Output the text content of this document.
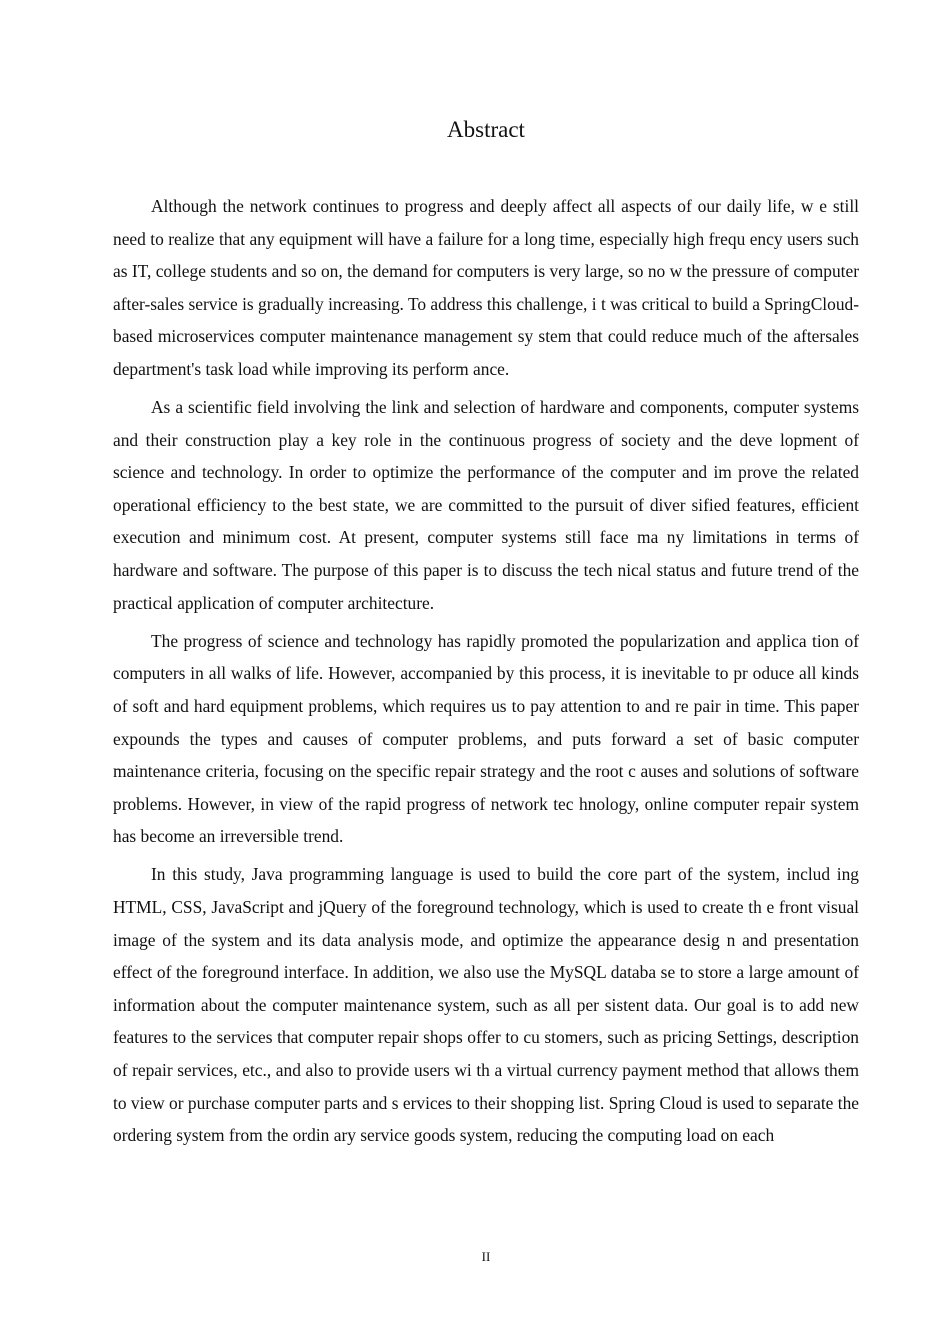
Abstract

Although the network continues to progress and deeply affect all aspects of our daily life, w e still need to realize that any equipment will have a failure for a long time, especially high frequ ency users such as IT, college students and so on, the demand for computers is very large, so no w the pressure of computer after-sales service is gradually increasing. To address this challenge, i t was critical to build a SpringCloud-based microservices computer maintenance management sy stem that could reduce much of the aftersales department's task load while improving its perform ance.

As a scientific field involving the link and selection of hardware and components, computer systems and their construction play a key role in the continuous progress of society and the deve lopment of science and technology. In order to optimize the performance of the computer and im prove the related operational efficiency to the best state, we are committed to the pursuit of diver sified features, efficient execution and minimum cost. At present, computer systems still face ma ny limitations in terms of hardware and software. The purpose of this paper is to discuss the tech nical status and future trend of the practical application of computer architecture.

The progress of science and technology has rapidly promoted the popularization and applica tion of computers in all walks of life. However, accompanied by this process, it is inevitable to pr oduce all kinds of soft and hard equipment problems, which requires us to pay attention to and re pair in time. This paper expounds the types and causes of computer problems, and puts forward a set of basic computer maintenance criteria, focusing on the specific repair strategy and the root c auses and solutions of software problems. However, in view of the rapid progress of network tec hnology, online computer repair system has become an irreversible trend.

In this study, Java programming language is used to build the core part of the system, includ ing HTML, CSS, JavaScript and jQuery of the foreground technology, which is used to create th e front visual image of the system and its data analysis mode, and optimize the appearance desig n and presentation effect of the foreground interface. In addition, we also use the MySQL databa se to store a large amount of information about the computer maintenance system, such as all per sistent data. Our goal is to add new features to the services that computer repair shops offer to cu stomers, such as pricing Settings, description of repair services, etc., and also to provide users wi th a virtual currency payment method that allows them to view or purchase computer parts and s ervices to their shopping list. Spring Cloud is used to separate the ordering system from the ordin ary service goods system, reducing the computing load on each

II
